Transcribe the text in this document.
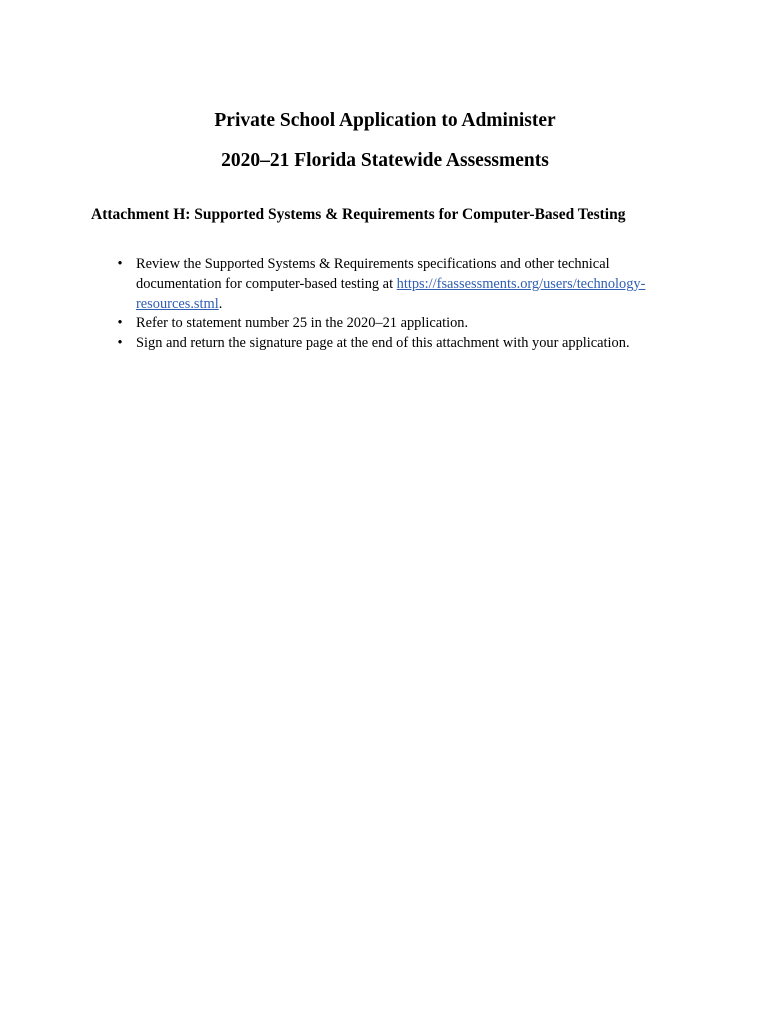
Private School Application to Administer
2020–21 Florida Statewide Assessments
Attachment H: Supported Systems & Requirements for Computer-Based Testing
• Review the Supported Systems & Requirements specifications and other technical documentation for computer-based testing at https://fsassessments.org/users/technology-resources.stml.
• Refer to statement number 25 in the 2020–21 application.
• Sign and return the signature page at the end of this attachment with your application.
